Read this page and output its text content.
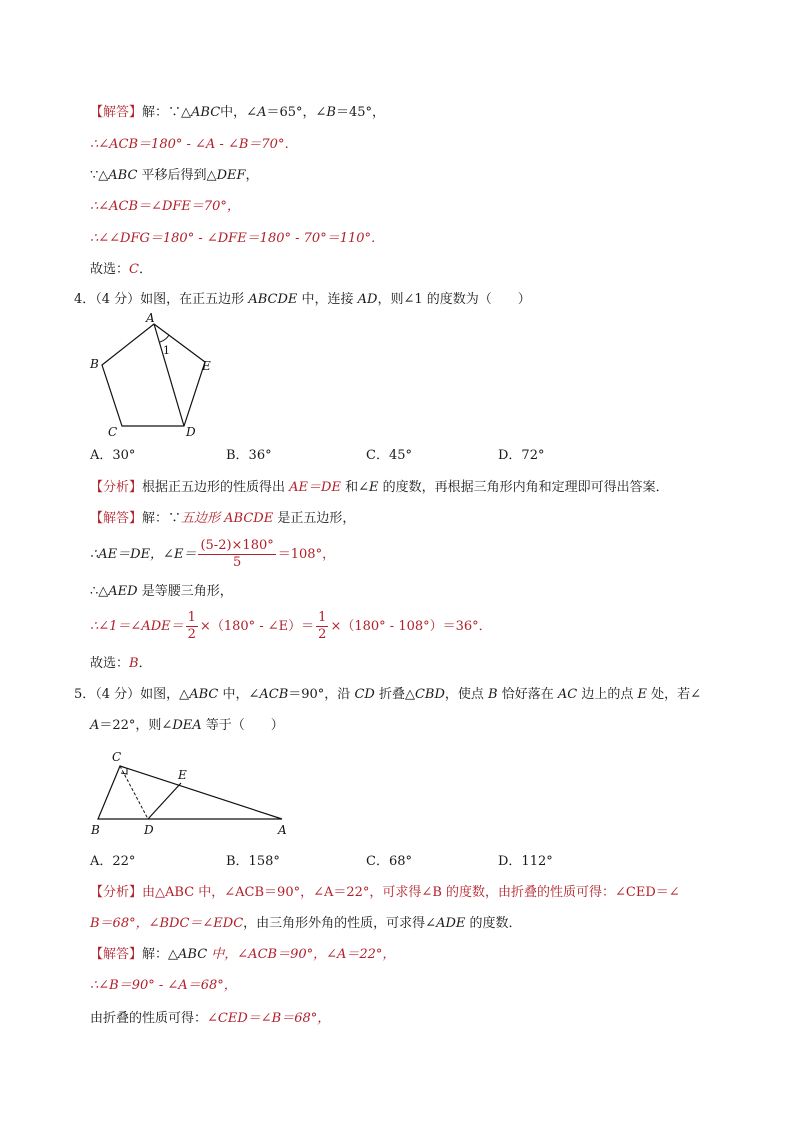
【解答】解：∵△ABC中，∠A＝65°，∠B＝45°，
∴∠ACB＝180° - ∠A - ∠B＝70°．
∵△ABC 平移后得到△DEF，
∴∠ACB＝∠DFE＝70°，
∴∠∠DFG＝180° - ∠DFE＝180° - 70°＝110°．
故选：C．
4．（4 分）如图，在正五边形 ABCDE 中，连接 AD，则∠1 的度数为（　　）
A
B
C	D
E
1
A．30°	B．36°	C．45°	D．72°
【分析】根据正五边形的性质得出 AE＝DE 和∠E 的度数，再根据三角形内角和定理即可得出答案．
【解答】解：∵五边形 ABCDE 是正五边形，
∴AE＝DE，∠E＝ $\frac{(5-2)\times 180^\circ}{5} =108^\circ$，
∴△AED 是等腰三角形，
∴∠1＝∠ADE＝ $\frac{1}{2} \times(180^\circ$ - ∠E）＝ $\frac{1}{2} \times(180^\circ - 108^\circ)=36^\circ$．
故选：B．
5．（4 分）如图，△ABC 中，∠ACB＝90°，沿 CD 折叠△CBD，使点 B 恰好落在 AC 边上的点 E 处，若∠
A＝22°，则∠DEA 等于（　　）
C
E
B	D	A
A．22°	B．158°	C．68°	D．112°
【分析】由△ABC 中，∠ACB＝90°，∠A＝22°，可求得∠B 的度数，由折叠的性质可得：∠CED＝∠
B＝68°，∠BDC＝∠EDC，由三角形外角的性质，可求得∠ADE 的度数．
【解答】解：△ABC 中，∠ACB＝90°，∠A＝22°，
∴∠B＝90° - ∠A＝68°，
由折叠的性质可得：∠CED＝∠B＝68°，
